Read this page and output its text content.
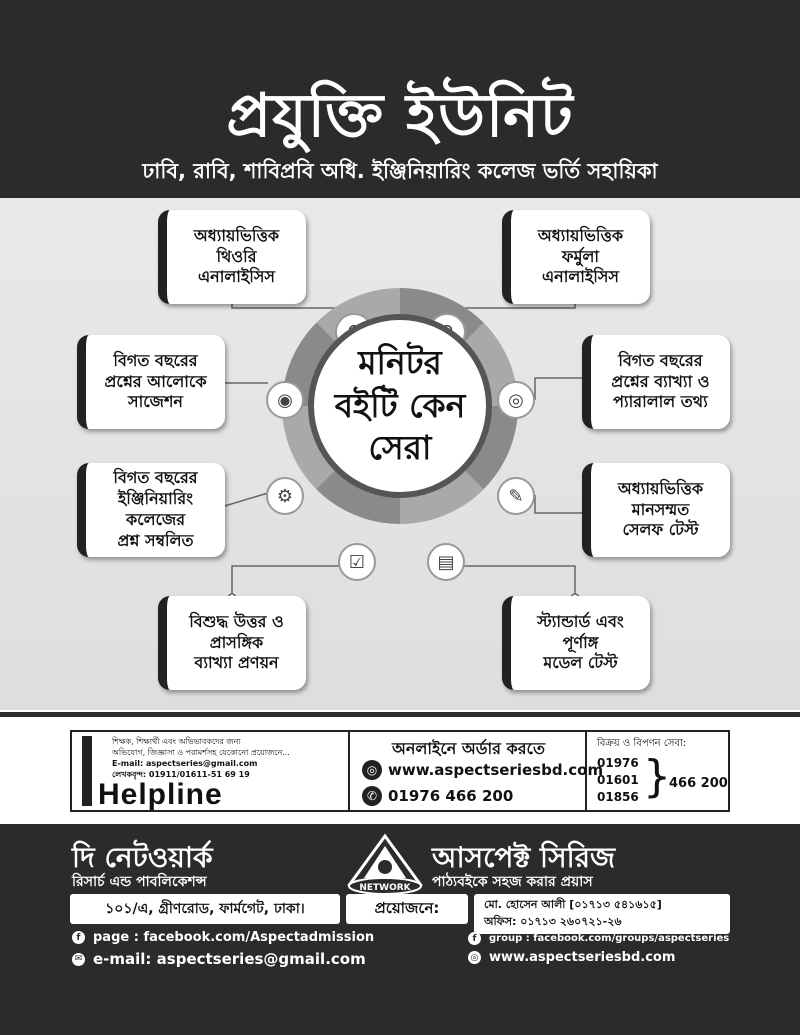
প্রযুক্তি ইউনিট
ঢাবি, রাবি, শাবিপ্রবি অধি. ইঞ্জিনিয়ারিং কলেজ ভর্তি সহায়িকা
অধ্যায়ভিত্তিক
থিওরি
এনালাইসিস
অধ্যায়ভিত্তিক
ফর্মুলা
এনালাইসিস
বিগত বছরের
প্রশ্নের আলোকে
সাজেশন
বিগত বছরের
প্রশ্নের ব্যাখ্যা ও
প্যারালাল তথ্য
বিগত বছরের
ইঞ্জিনিয়ারিং কলেজের
প্রশ্ন সম্বলিত
অধ্যায়ভিত্তিক
মানসম্মত
সেলফ টেস্ট
বিশুদ্ধ উত্তর ও
প্রাসঙ্গিক
ব্যাখ্যা প্রণয়ন
স্ট্যান্ডার্ড এবং
পূর্ণাঙ্গ
মডেল টেস্ট
◉	◎
⚙	✎
☑	▤
মনিটর
বইটি কেন
সেরা
শিক্ষক, শিক্ষার্থী এবং অভিভাবকদের জন্য
অভিযোগ, জিজ্ঞাসা ও পরামর্শসহ যেকোনো প্রয়োজনে...
E-mail: aspectseries@gmail.com
লেখকবৃন্দ: 01911/01611-51 69 19
Helpline
অনলাইনে অর্ডার করতে
◎ www.aspectseriesbd.com
✆ 01976 466 200
বিক্রয় ও বিপণন সেবা:
01976
01601
01856 }
466 200
দি নেটওয়ার্ক
রিসার্চ এন্ড পাবলিকেশন্স	NETWORK
আসপেক্ট সিরিজ
পাঠ্যবইকে সহজ করার প্রয়াস
১০১/এ, গ্রীণরোড, ফার্মগেট, ঢাকা।	প্রয়োজনে:	মো. হোসেন আলী [০১৭১৩ ৫৪১৬১৫]
অফিস: ০১৭১৩ ২৬০৭২১-২৬
f page : facebook.com/Aspectadmission	f	group : facebook.com/groups/aspectseries
✉ e-mail: aspectseries@gmail.com	◎ www.aspectseriesbd.com
